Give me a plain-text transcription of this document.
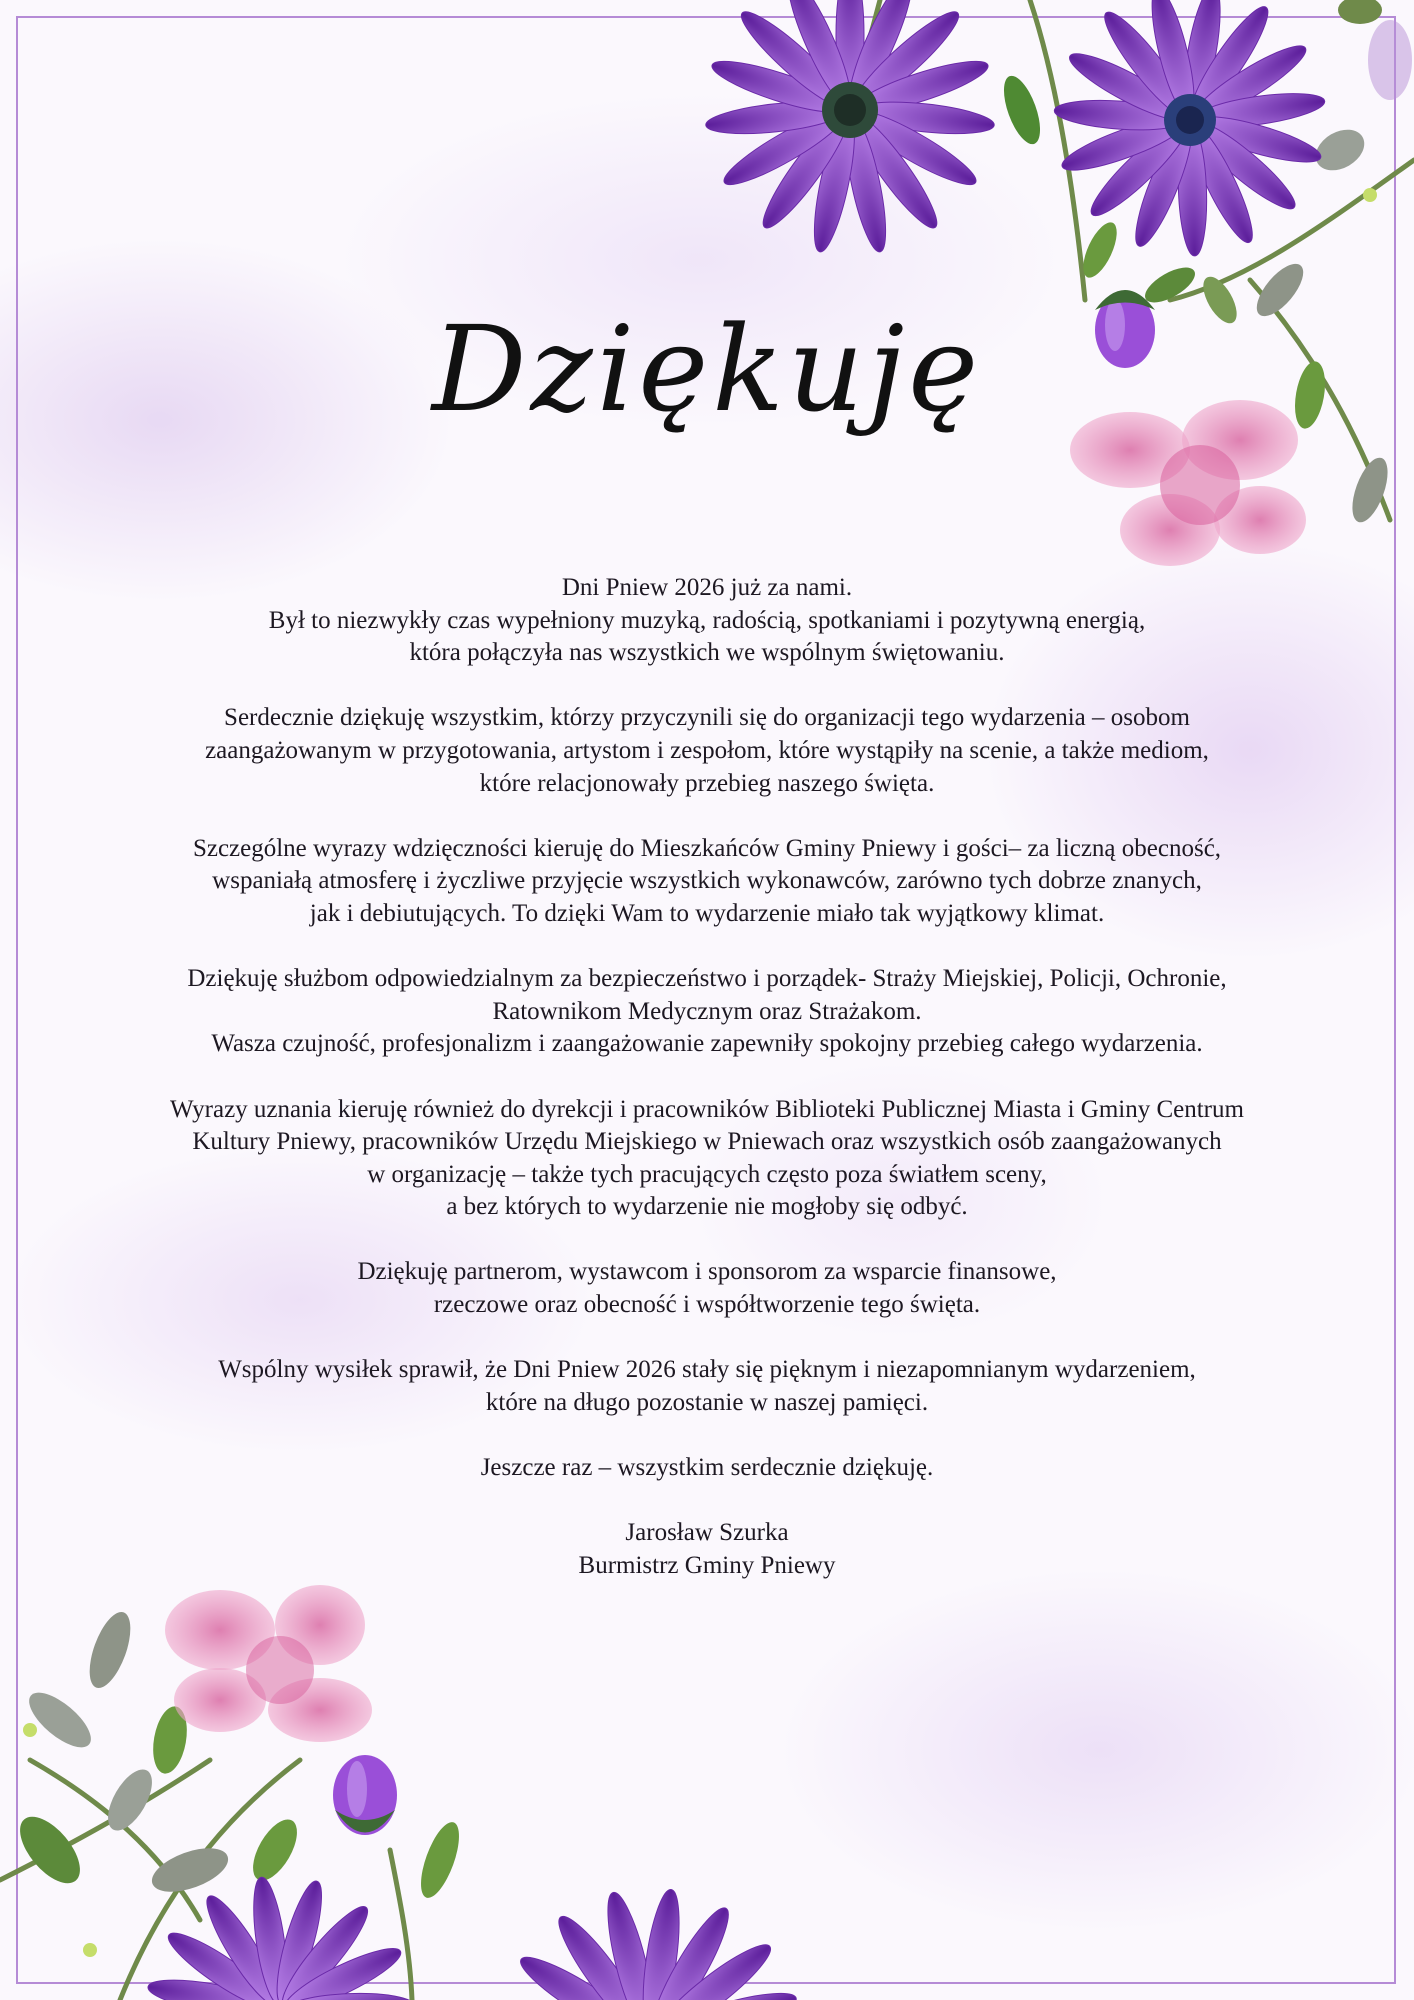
Dziękuję

Dni Pniew 2026 już za nami.
Był to niezwykły czas wypełniony muzyką, radością, spotkaniami i pozytywną energią,
która połączyła nas wszystkich we wspólnym świętowaniu.

Serdecznie dziękuję wszystkim, którzy przyczynili się do organizacji tego wydarzenia – osobom
zaangażowanym w przygotowania, artystom i zespołom, które wystąpiły na scenie, a także mediom,
które relacjonowały przebieg naszego święta.

Szczególne wyrazy wdzięczności kieruję do Mieszkańców Gminy Pniewy i gości– za liczną obecność,
wspaniałą atmosferę i życzliwe przyjęcie wszystkich wykonawców, zarówno tych dobrze znanych,
jak i debiutujących. To dzięki Wam to wydarzenie miało tak wyjątkowy klimat.

Dziękuję służbom odpowiedzialnym za bezpieczeństwo i porządek- Straży Miejskiej, Policji, Ochronie,
Ratownikom Medycznym oraz Strażakom.
Wasza czujność, profesjonalizm i zaangażowanie zapewniły spokojny przebieg całego wydarzenia.

Wyrazy uznania kieruję również do dyrekcji i pracowników Biblioteki Publicznej Miasta i Gminy Centrum
Kultury Pniewy, pracowników Urzędu Miejskiego w Pniewach oraz wszystkich osób zaangażowanych
w organizację – także tych pracujących często poza światłem sceny,
a bez których to wydarzenie nie mogłoby się odbyć.

Dziękuję partnerom, wystawcom i sponsorom za wsparcie finansowe,
rzeczowe oraz obecność i współtworzenie tego święta.

Wspólny wysiłek sprawił, że Dni Pniew 2026 stały się pięknym i niezapomnianym wydarzeniem,
które na długo pozostanie w naszej pamięci.

Jeszcze raz – wszystkim serdecznie dziękuję.

Jarosław Szurka
Burmistrz Gminy Pniewy
